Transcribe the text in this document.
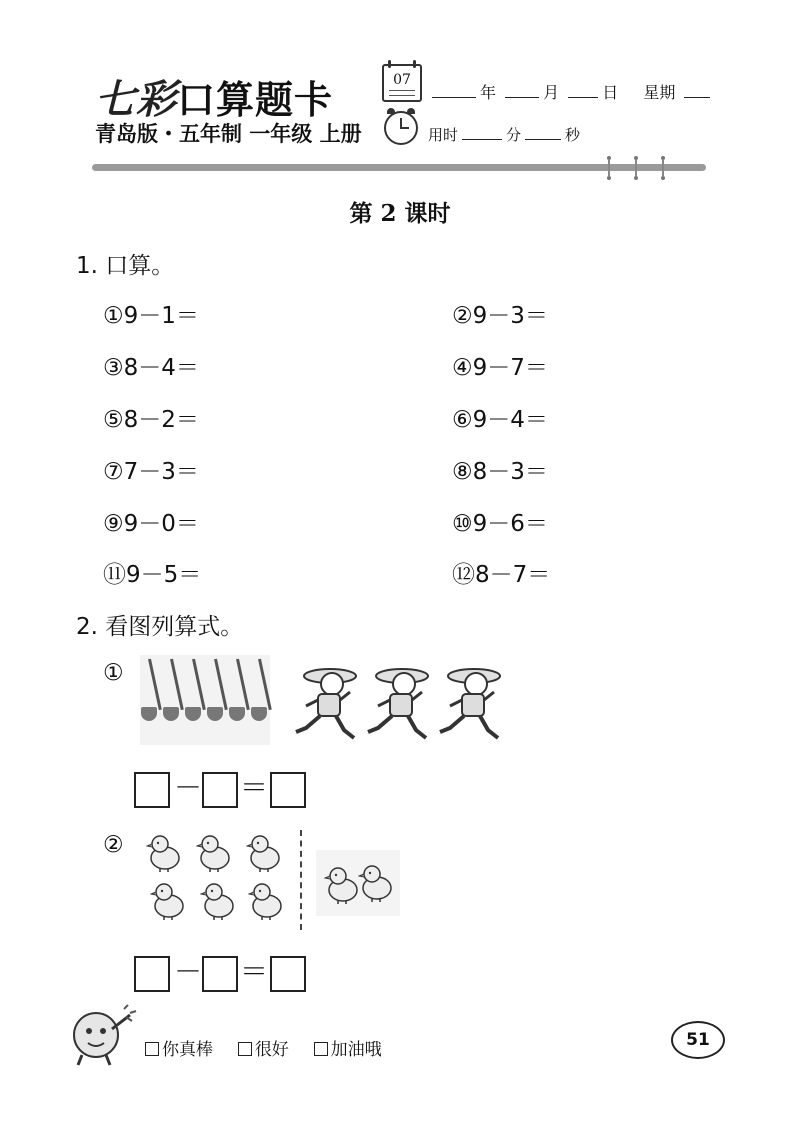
七彩口算题卡	07
年	月	日 星期
青岛版・五年制 一年级 上册	用时	分	秒
第 2 课时
1. 口算。
①9－1＝	②9－3＝
③8－4＝	④9－7＝
⑤8－2＝	⑥9－4＝
⑦7－3＝	⑧8－3＝
⑨9－0＝	⑩9－6＝
⑪9－5＝	⑫8－7＝
2. 看图列算式。
①
－ ＝
②
－ ＝
你真棒 很好 加油哦	51
